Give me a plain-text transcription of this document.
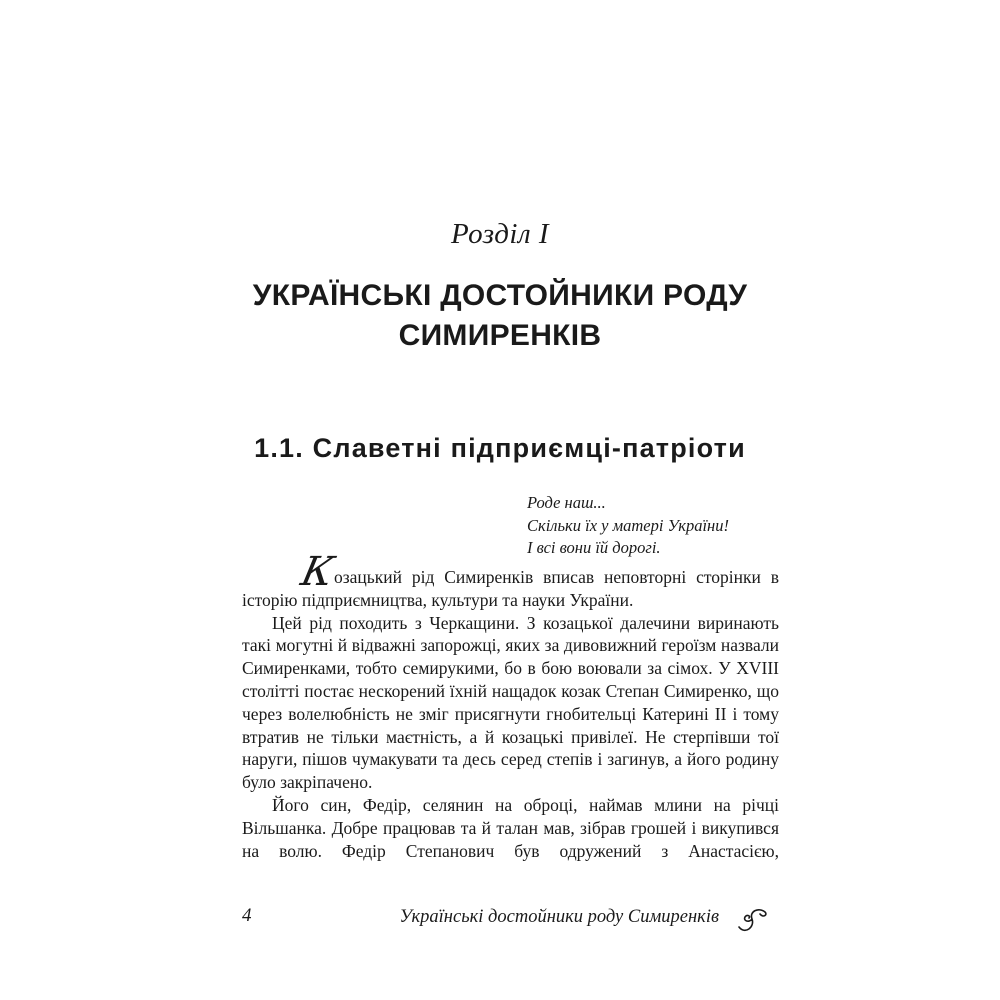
Розділ I
УКРАЇНСЬКІ ДОСТОЙНИКИ РОДУ
СИМИРЕНКІВ
1.1. Славетні підприємці-патріоти
Роде наш...
Скільки їх у матері України!
І всі вони їй дорогі.

Козацький рід Симиренків вписав неповторні сторінки в історію підприємництва, культури та науки України.

Цей рід походить з Черкащини. З козацької далечини виринають такі могутні й відважні запорожці, яких за дивовижний героїзм назвали Симиренками, тобто семирукими, бо в бою воювали за сімох. У XVIII столітті постає нескорений їхній нащадок козак Степан Симиренко, що через волелюбність не зміг присягнути гнобительці Катерині II і тому втратив не тільки маєтність, а й козацькі привілеї. Не стерпівши тої наруги, пішов чумакувати та десь серед степів і загинув, а його родину було закріпачено.

Його син, Федір, селянин на оброці, наймав млини на річці Вільшанка. Добре працював та й талан мав, зібрав грошей і викупився на волю. Федір Степанович був одружений з Анастасією,

4	Українські достойники роду Симиренків
